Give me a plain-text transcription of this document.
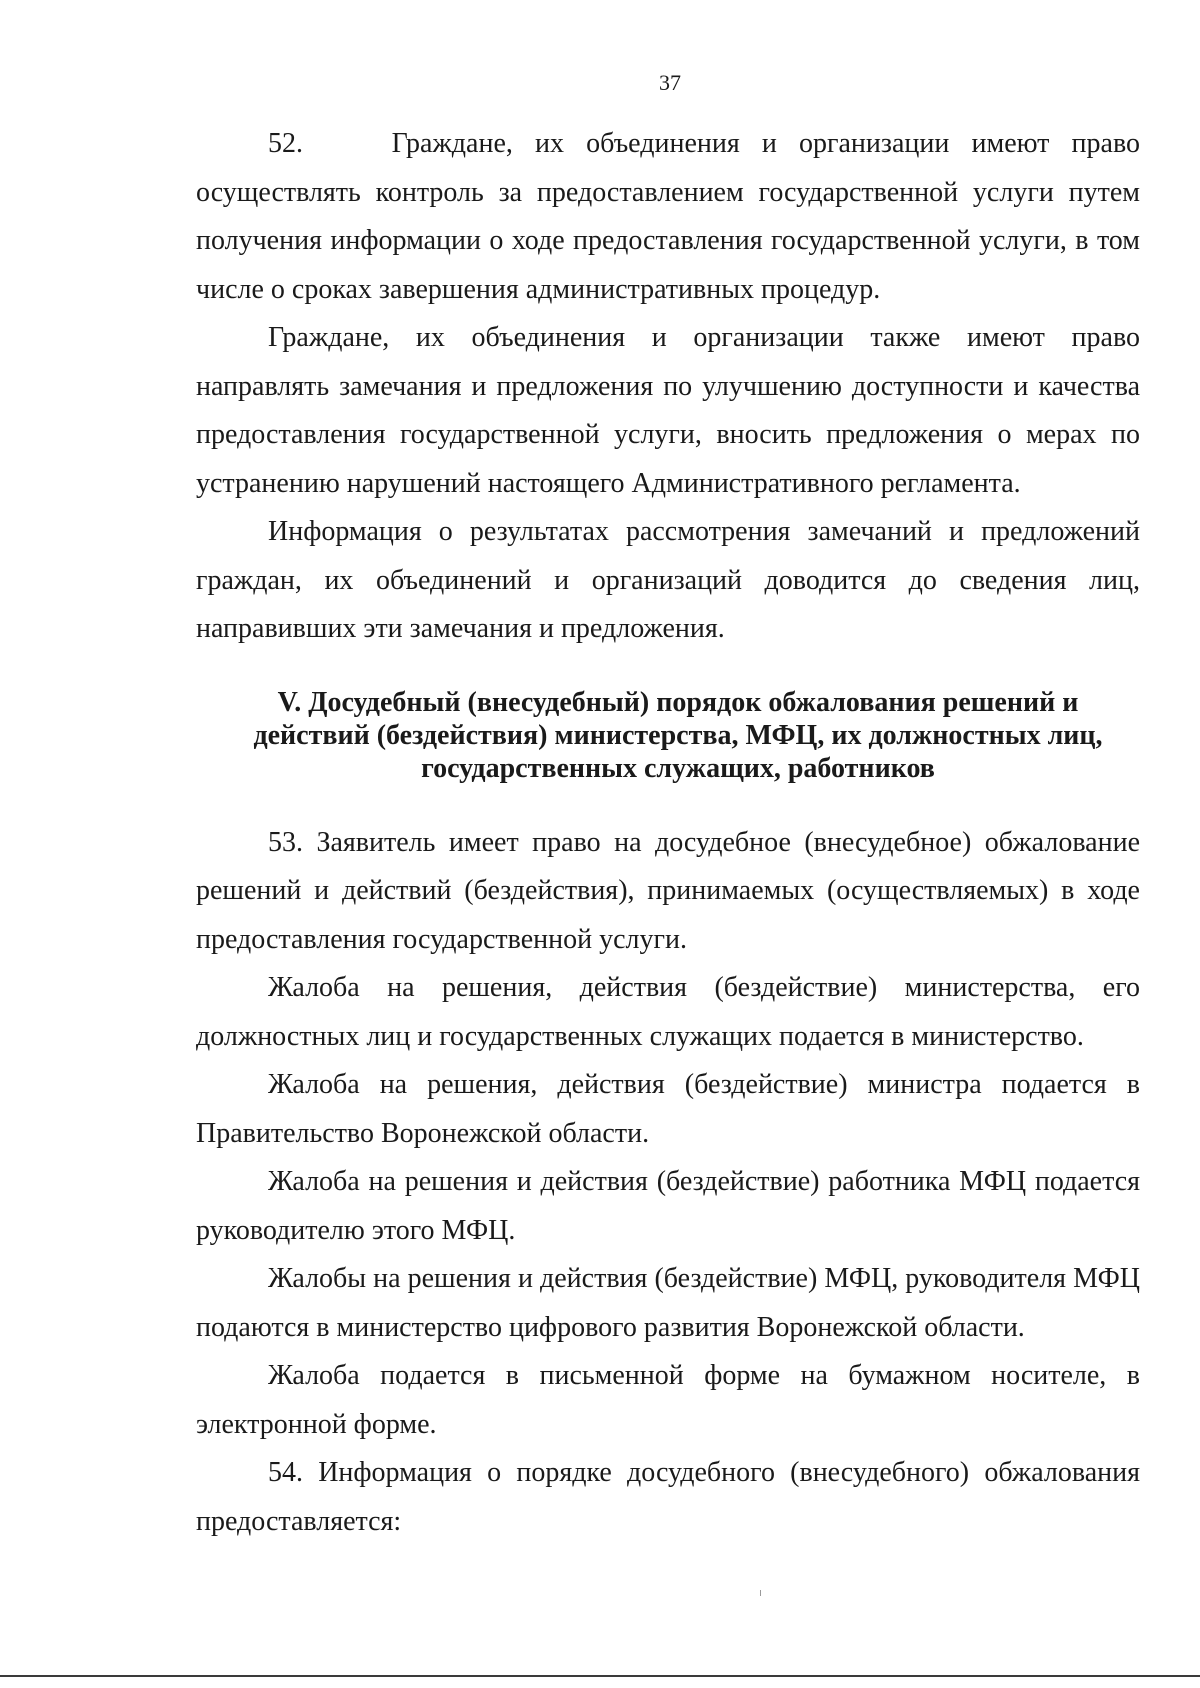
37

52.    Граждане, их объединения и организации имеют право осуществлять контроль за предоставлением государственной услуги путем получения информации о ходе предоставления государственной услуги, в том числе о сроках завершения административных процедур.

Граждане, их объединения и организации также имеют право направлять замечания и предложения по улучшению доступности и качества предоставления государственной услуги, вносить предложения о мерах по устранению нарушений настоящего Административного регламента.

Информация о результатах рассмотрения замечаний и предложений граждан, их объединений и организаций доводится до сведения лиц, направивших эти замечания и предложения.

V. Досудебный (внесудебный) порядок обжалования решений и
действий (бездействия) министерства, МФЦ, их должностных лиц,
государственных служащих, работников

53. Заявитель имеет право на досудебное (внесудебное) обжалование решений и действий (бездействия), принимаемых (осуществляемых) в ходе предоставления государственной услуги.

Жалоба на решения, действия (бездействие) министерства, его должностных лиц и государственных служащих подается в министерство.

Жалоба на решения, действия (бездействие) министра подается в Правительство Воронежской области.

Жалоба на решения и действия (бездействие) работника МФЦ подается руководителю этого МФЦ.

Жалобы на решения и действия (бездействие) МФЦ, руководителя МФЦ подаются в министерство цифрового развития Воронежской области.

Жалоба подается в письменной форме на бумажном носителе, в электронной форме.

54. Информация о порядке досудебного (внесудебного) обжалования предоставляется:
